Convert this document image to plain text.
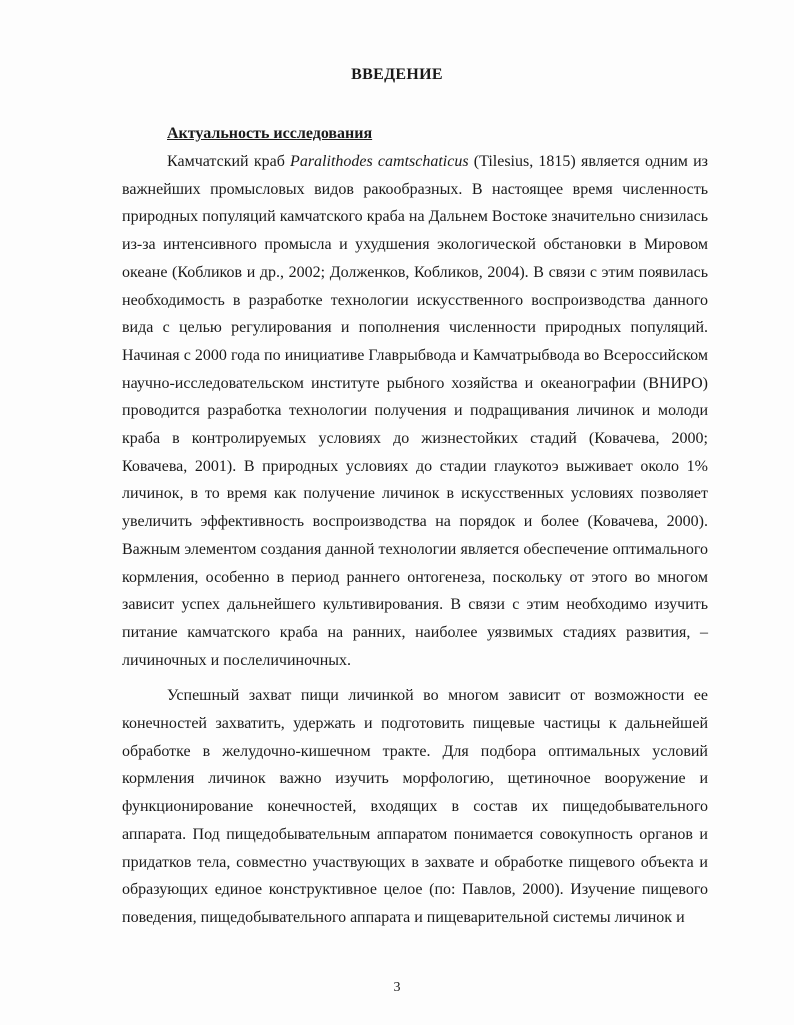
ВВЕДЕНИЕ

Актуальность исследования

Камчатский краб Paralithodes camtschaticus (Tilesius, 1815) является одним из важнейших промысловых видов ракообразных. В настоящее время численность природных популяций камчатского краба на Дальнем Востоке значительно снизилась из-за интенсивного промысла и ухудшения экологической обстановки в Мировом океане (Кобликов и др., 2002; Долженков, Кобликов, 2004). В связи с этим появилась необходимость в разработке технологии искусственного воспроизводства данного вида с целью регулирования и пополнения численности природных популяций. Начиная с 2000 года по инициативе Главрыбвода и Камчатрыбвода во Всероссийском научно-исследовательском институте рыбного хозяйства и океанографии (ВНИРО) проводится разработка технологии получения и подращивания личинок и молоди краба в контролируемых условиях до жизнестойких стадий (Ковачева, 2000; Ковачева, 2001). В природных условиях до стадии глаукотоэ выживает около 1% личинок, в то время как получение личинок в искусственных условиях позволяет увеличить эффективность воспроизводства на порядок и более (Ковачева, 2000). Важным элементом создания данной технологии является обеспечение оптимального кормления, особенно в период раннего онтогенеза, поскольку от этого во многом зависит успех дальнейшего культивирования. В связи с этим необходимо изучить питание камчатского краба на ранних, наиболее уязвимых стадиях развития, – личиночных и послеличиночных.

Успешный захват пищи личинкой во многом зависит от возможности ее конечностей захватить, удержать и подготовить пищевые частицы к дальнейшей обработке в желудочно-кишечном тракте. Для подбора оптимальных условий кормления личинок важно изучить морфологию, щетиночное вооружение и функционирование конечностей, входящих в состав их пищедобывательного аппарата. Под пищедобывательным аппаратом понимается совокупность органов и придатков тела, совместно участвующих в захвате и обработке пищевого объекта и образующих единое конструктивное целое (по: Павлов, 2000). Изучение пищевого поведения, пищедобывательного аппарата и пищеварительной системы личинок и

3
